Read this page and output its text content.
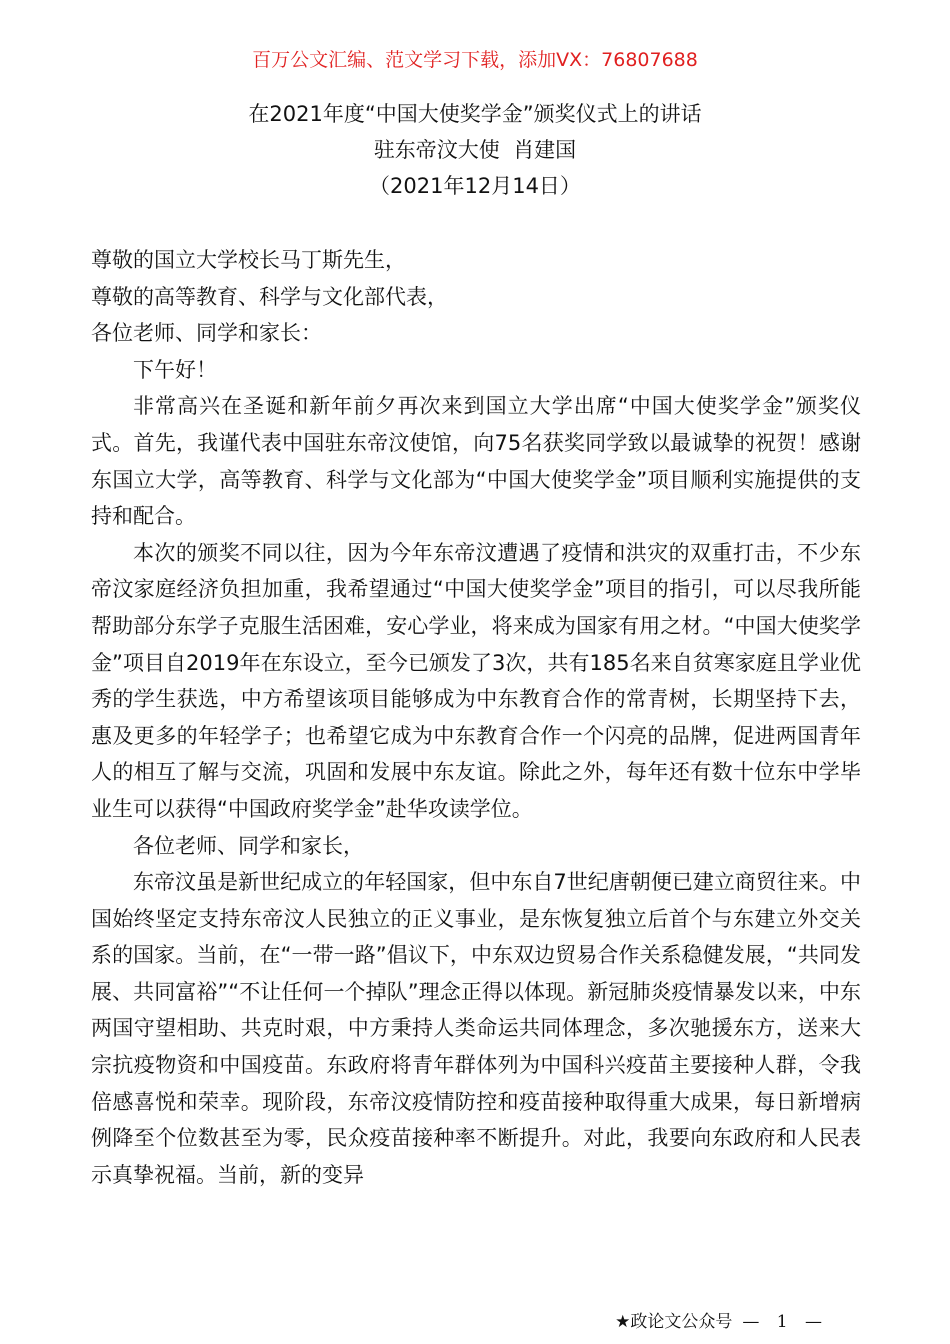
百万公文汇编、范文学习下载，添加VX：76807688
在2021年度“中国大使奖学金”颁奖仪式上的讲话
驻东帝汶大使  肖建国
（2021年12月14日）

尊敬的国立大学校长马丁斯先生，

尊敬的高等教育、科学与文化部代表，

各位老师、同学和家长：

下午好！

非常高兴在圣诞和新年前夕再次来到国立大学出席“中国大使奖学金”颁奖仪式。首先，我谨代表中国驻东帝汶使馆，向75名获奖同学致以最诚挚的祝贺！感谢东国立大学，高等教育、科学与文化部为“中国大使奖学金”项目顺利实施提供的支持和配合。

本次的颁奖不同以往，因为今年东帝汶遭遇了疫情和洪灾的双重打击，不少东帝汶家庭经济负担加重，我希望通过“中国大使奖学金”项目的指引，可以尽我所能帮助部分东学子克服生活困难，安心学业，将来成为国家有用之材。“中国大使奖学金”项目自2019年在东设立，至今已颁发了3次，共有185名来自贫寒家庭且学业优秀的学生获选，中方希望该项目能够成为中东教育合作的常青树，长期坚持下去，惠及更多的年轻学子；也希望它成为中东教育合作一个闪亮的品牌，促进两国青年人的相互了解与交流，巩固和发展中东友谊。除此之外，每年还有数十位东中学毕业生可以获得“中国政府奖学金”赴华攻读学位。

各位老师、同学和家长，

东帝汶虽是新世纪成立的年轻国家，但中东自7世纪唐朝便已建立商贸往来。中国始终坚定支持东帝汶人民独立的正义事业，是东恢复独立后首个与东建立外交关系的国家。当前，在“一带一路”倡议下，中东双边贸易合作关系稳健发展，“共同发展、共同富裕”“不让任何一个掉队”理念正得以体现。新冠肺炎疫情暴发以来，中东两国守望相助、共克时艰，中方秉持人类命运共同体理念，多次驰援东方，送来大宗抗疫物资和中国疫苗。东政府将青年群体列为中国科兴疫苗主要接种人群，令我倍感喜悦和荣幸。现阶段，东帝汶疫情防控和疫苗接种取得重大成果，每日新增病例降至个位数甚至为零，民众疫苗接种率不断提升。对此，我要向东政府和人民表示真挚祝福。当前，新的变异

★政论文公众号 — 1 —
